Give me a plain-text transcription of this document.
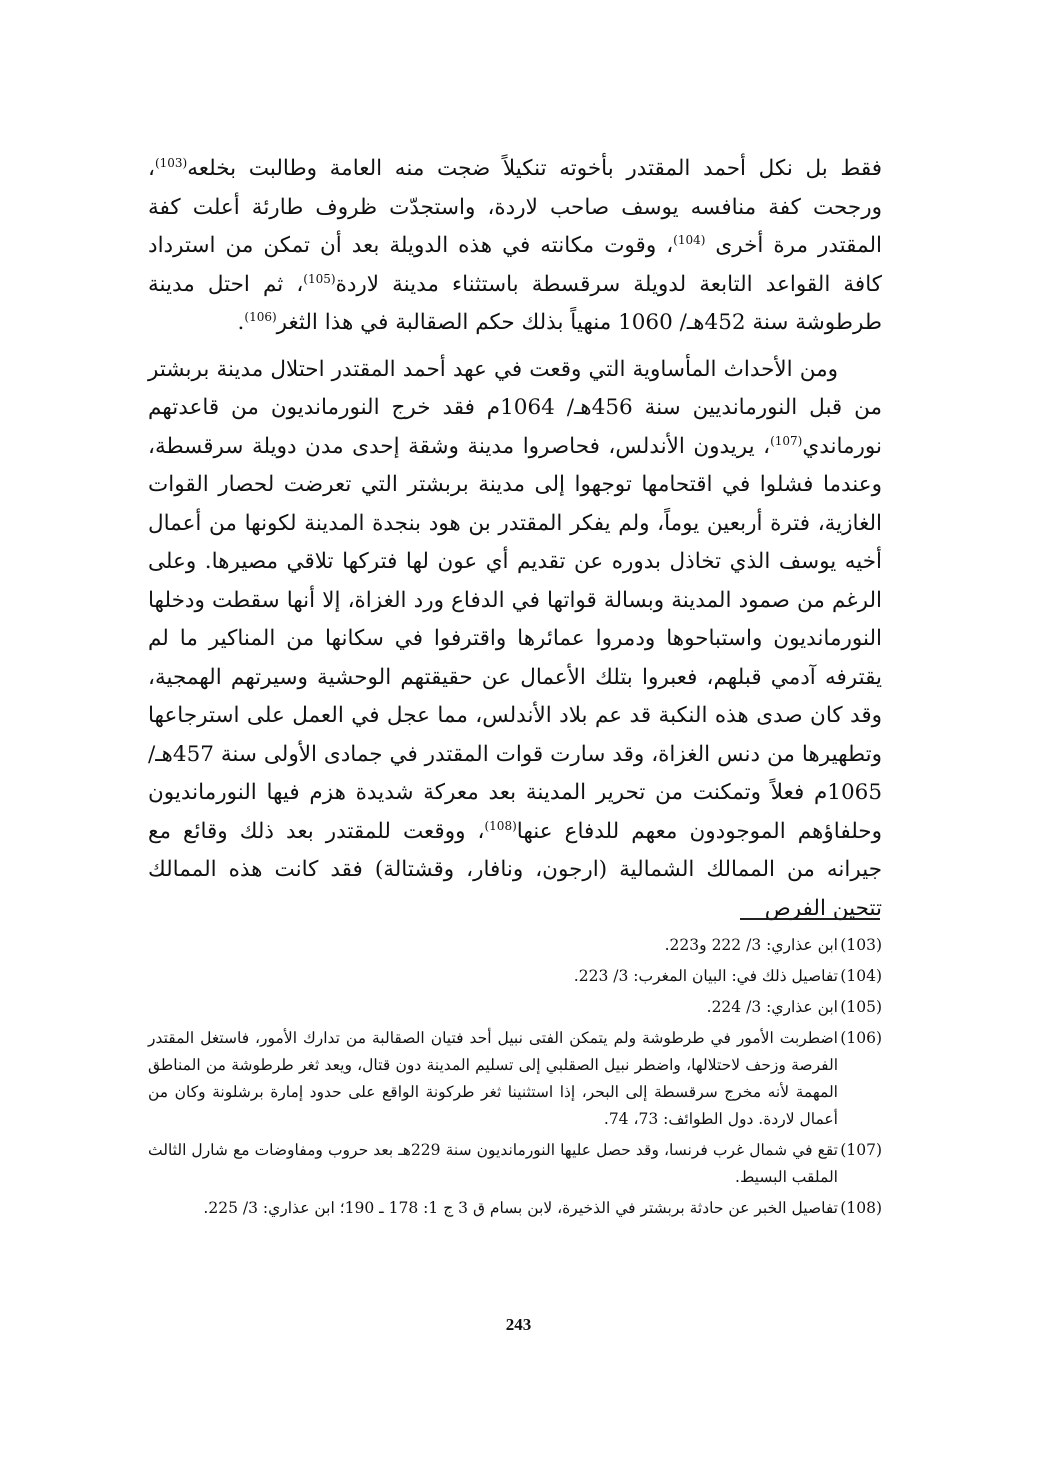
فقط بل نكل أحمد المقتدر بأخوته تنكيلاً ضجت منه العامة وطالبت بخلعه$^{(103)}$، ورجحت كفة منافسه يوسف صاحب لاردة، واستجدّت ظروف طارئة أعلت كفة المقتدر مرة أخرى $^{(104)}$، وقوت مكانته في هذه الدويلة بعد أن تمكن من استرداد كافة القواعد التابعة لدويلة سرقسطة باستثناء مدينة لاردة$^{(105)}$، ثم احتل مدينة طرطوشة سنة 452هـ/ 1060 منهياً بذلك حكم الصقالبة في هذا الثغر$^{(106)}$.

ومن الأحداث المأساوية التي وقعت في عهد أحمد المقتدر احتلال مدينة بربشتر من قبل النورمانديين سنة 456هـ/ 1064م فقد خرج النورمانديون من قاعدتهم نورماندي$^{(107)}$، يريدون الأندلس، فحاصروا مدينة وشقة إحدى مدن دويلة سرقسطة، وعندما فشلوا في اقتحامها توجهوا إلى مدينة بربشتر التي تعرضت لحصار القوات الغازية، فترة أربعين يوماً، ولم يفكر المقتدر بن هود بنجدة المدينة لكونها من أعمال أخيه يوسف الذي تخاذل بدوره عن تقديم أي عون لها فتركها تلاقي مصيرها. وعلى الرغم من صمود المدينة وبسالة قواتها في الدفاع ورد الغزاة، إلا أنها سقطت ودخلها النورمانديون واستباحوها ودمروا عمائرها واقترفوا في سكانها من المناكير ما لم يقترفه آدمي قبلهم، فعبروا بتلك الأعمال عن حقيقتهم الوحشية وسيرتهم الهمجية، وقد كان صدى هذه النكبة قد عم بلاد الأندلس، مما عجل في العمل على استرجاعها وتطهيرها من دنس الغزاة، وقد سارت قوات المقتدر في جمادى الأولى سنة 457هـ/ 1065م فعلاً وتمكنت من تحرير المدينة بعد معركة شديدة هزم فيها النورمانديون وحلفاؤهم الموجودون معهم للدفاع عنها$^{(108)}$، ووقعت للمقتدر بعد ذلك وقائع مع جيرانه من الممالك الشمالية (ارجون، ونافار، وقشتالة) فقد كانت هذه الممالك تتحين الفرص

(103)
ابن عذاري: 3/ 222 و223.
(104)
تفاصيل ذلك في: البيان المغرب: 3/ 223.
(105)
ابن عذاري: 3/ 224.
(106)
اضطربت الأمور في طرطوشة ولم يتمكن الفتى نبيل أحد فتيان الصقالبة من تدارك الأمور، فاستغل المقتدر الفرصة وزحف لاحتلالها، واضطر نبيل الصقلبي إلى تسليم المدينة دون قتال، ويعد ثغر طرطوشة من المناطق المهمة لأنه مخرج سرقسطة إلى البحر، إذا استثنينا ثغر طركونة الواقع على حدود إمارة برشلونة وكان من أعمال لاردة. دول الطوائف: 73، 74.
(107)
تقع في شمال غرب فرنسا، وقد حصل عليها النورمانديون سنة 229هـ بعد حروب ومفاوضات مع شارل الثالث الملقب البسيط.
(108)
تفاصيل الخبر عن حادثة بربشتر في الذخيرة، لابن بسام ق 3 ج 1: 178 ـ 190؛ ابن عذاري: 3/ 225.
243
